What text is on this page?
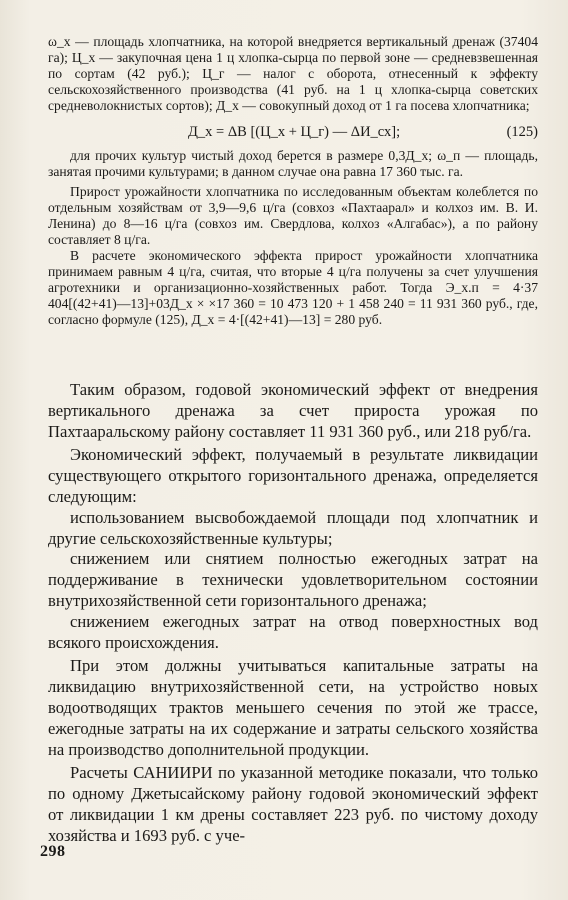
ω_x — площадь хлопчатника, на которой внедряется вертикальный дренаж (37404 га); Ц_x — закупочная цена 1 ц хлопка-сырца по первой зоне — средневзвешенная по сортам (42 руб.); Ц_г — налог с оборота, отнесенный к эффекту сельскохозяйственного производства (41 руб. на 1 ц хлопка-сырца советских средневолокнистых сортов); Д_x — совокупный доход от 1 га посева хлопчатника;

Д_x = ΔВ [(Ц_x + Ц_г) — ΔИ_сх];	(125)

для прочих культур чистый доход берется в размере 0,3Д_x; ω_п — площадь, занятая прочими культурами; в данном случае она равна 17 360 тыс. га.

Прирост урожайности хлопчатника по исследованным объектам колеблется по отдельным хозяйствам от 3,9—9,6 ц/га (совхоз «Пахтаарал» и колхоз им. В. И. Ленина) до 8—16 ц/га (совхоз им. Свердлова, колхоз «Алгабас»), а по району составляет 8 ц/га.

В расчете экономического эффекта прирост урожайности хлопчатника принимаем равным 4 ц/га, считая, что вторые 4 ц/га получены за счет улучшения агротехники и организационно-хозяйственных работ. Тогда Э_х.п = 4·37 404[(42+41)—13]+03Д_x × ×17 360 = 10 473 120 + 1 458 240 = 11 931 360 руб., где, согласно формуле (125), Д_x = 4·[(42+41)—13] = 280 руб.

Таким образом, годовой экономический эффект от внедрения вертикального дренажа за счет прироста урожая по Пахтааральскому району составляет 11 931 360 руб., или 218 руб/га.

Экономический эффект, получаемый в результате ликвидации существующего открытого горизонтального дренажа, определяется следующим:

использованием высвобождаемой площади под хлопчатник и другие сельскохозяйственные культуры;

снижением или снятием полностью ежегодных затрат на поддерживание в технически удовлетворительном состоянии внутрихозяйственной сети горизонтального дренажа;

снижением ежегодных затрат на отвод поверхностных вод всякого происхождения.

При этом должны учитываться капитальные затраты на ликвидацию внутрихозяйственной сети, на устройство новых водоотводящих трактов меньшего сечения по этой же трассе, ежегодные затраты на их содержание и затраты сельского хозяйства на производство дополнительной продукции.

Расчеты САНИИРИ по указанной методике показали, что только по одному Джетысайскому району годовой экономический эффект от ликвидации 1 км дрены составляет 223 руб. по чистому доходу хозяйства и 1693 руб. с уче-

298
